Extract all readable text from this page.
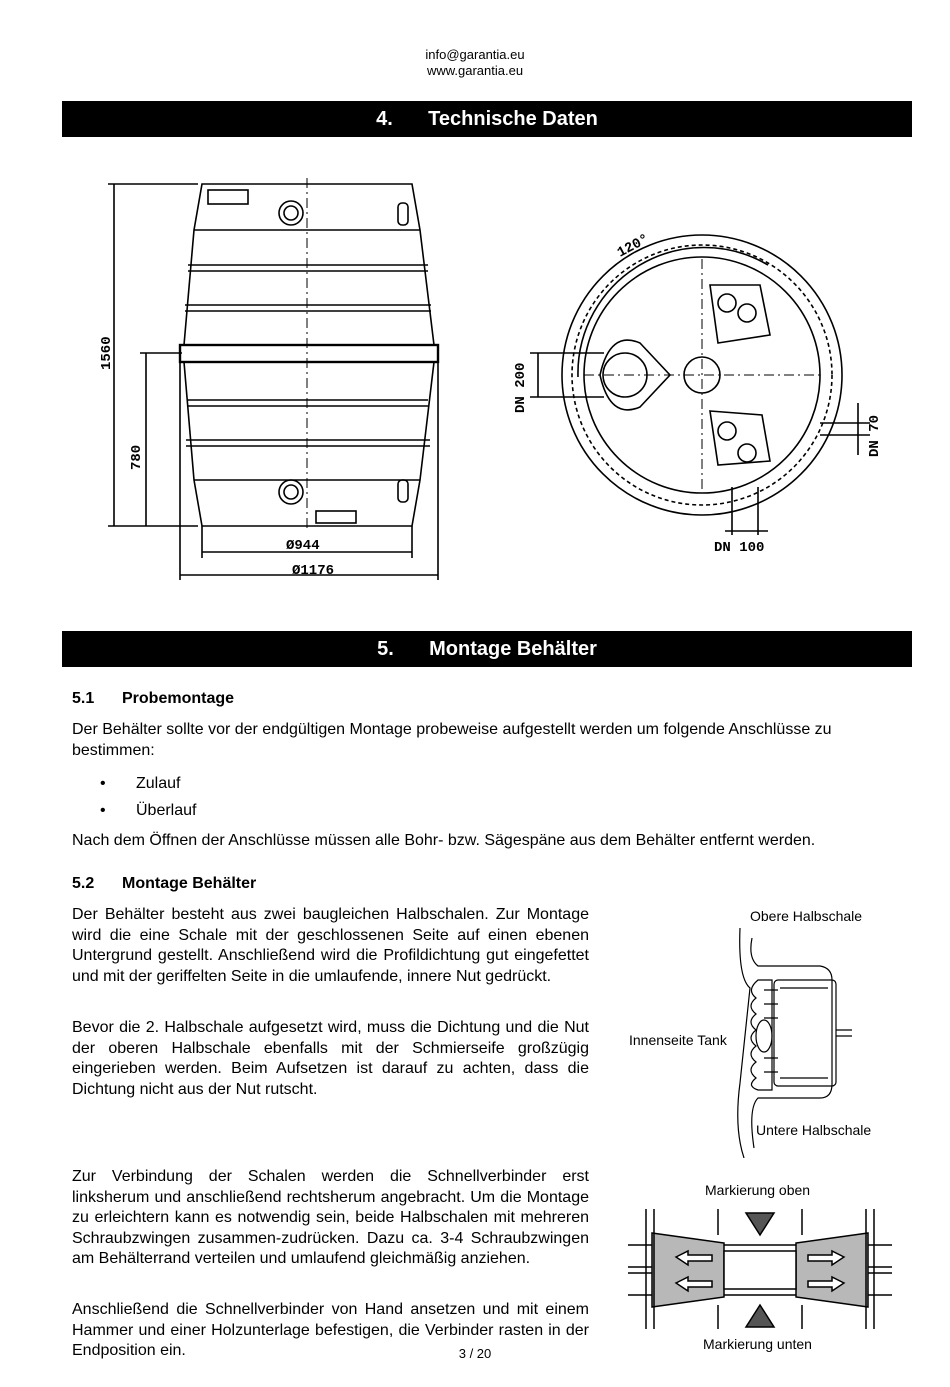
info@garantia.eu
www.garantia.eu
4. Technische Daten
1560
780
Ø944
Ø1176
120°
DN 200
DN 70
DN 100
5. Montage Behälter
5.1 Probemontage
Der Behälter sollte vor der endgültigen Montage probeweise aufgestellt werden um folgende Anschlüsse zu bestimmen:
• Zulauf
• Überlauf
Nach dem Öffnen der Anschlüsse müssen alle Bohr- bzw. Sägespäne aus dem Behälter entfernt werden.
5.2 Montage Behälter
Der Behälter besteht aus zwei baugleichen Halbschalen. Zur Montage wird die eine Schale mit der geschlossenen Seite auf einen ebenen Untergrund gestellt. Anschließend wird die Profildichtung gut eingefettet und mit der geriffelten Seite in die umlaufende, innere Nut gedrückt.
Bevor die 2. Halbschale aufgesetzt wird, muss die Dichtung und die Nut der oberen Halbschale ebenfalls mit der Schmierseife großzügig eingerieben werden. Beim Aufsetzen ist darauf zu achten, dass die Dichtung nicht aus der Nut rutscht.
Zur Verbindung der Schalen werden die Schnellverbinder erst linksherum und anschließend rechtsherum angebracht. Um die Montage zu erleichtern kann es notwendig sein, beide Halbschalen mit mehreren Schraubzwingen zusammen-zudrücken. Dazu ca. 3-4 Schraubzwingen am Behälterrand verteilen und umlaufend gleichmäßig anziehen.
Anschließend die Schnellverbinder von Hand ansetzen und mit einem Hammer und einer Holzunterlage befestigen, die Verbinder rasten in der Endposition ein.
Obere Halbschale
Innenseite Tank
Untere Halbschale
Markierung oben
Markierung unten
3 / 20
